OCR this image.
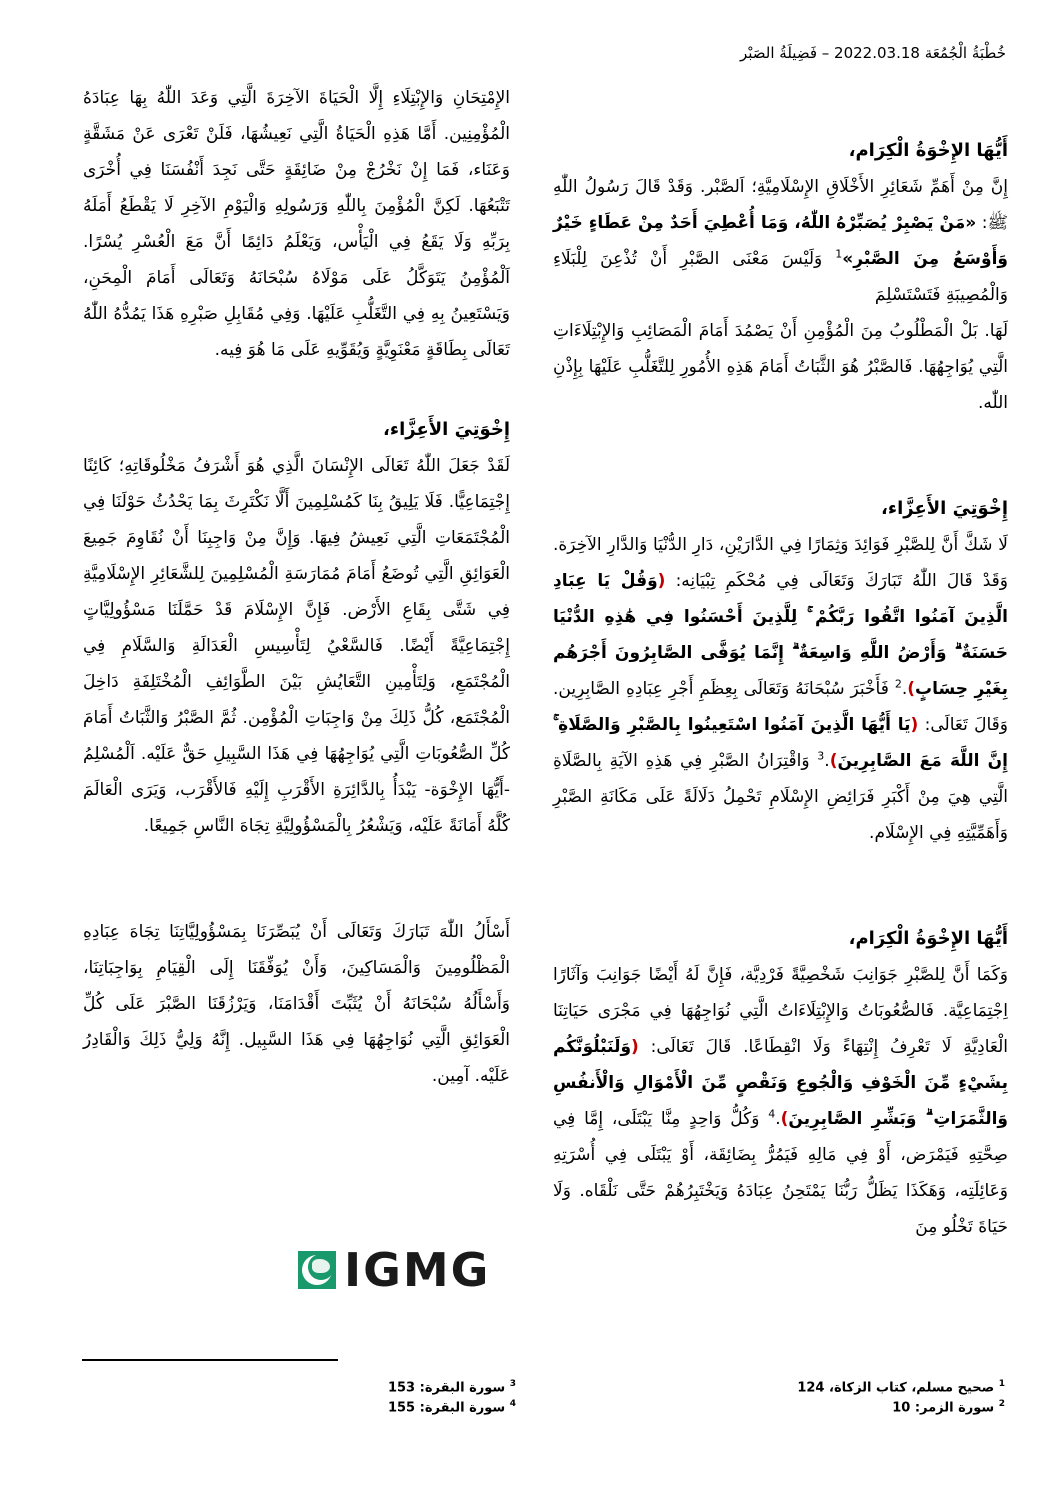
خُطْبَةُ الْجُمُعَة 2022.03.18 – فَضِيلَةُ الصَبْر

أَيُّهَا الإِخْوَةُ الْكِرَام،

إِنَّ مِنْ أَهَمِّ شَعَائِرِ الأَخْلَاقِ الإِسْلَامِيَّةِ؛ اَلصَّبْر. وَقَدْ قَالَ رَسُولُ اللّٰهِ ﷺ: «مَنْ يَصْبِرْ يُصَبِّرْهُ اللّٰهُ، وَمَا أُعْطِيَ أَحَدٌ مِنْ عَطَاءٍ خَيْرٌ وَأَوْسَعُ مِنَ الصَّبْرِ»$^1$ وَلَيْسَ مَعْنَى الصَّبْرِ أَنْ تُذْعِنَ لِلْبَلَاءِ وَالْمُصِيبَةِ فَتَسْتَسْلِمَ

لَهَا. بَلْ الْمَطْلُوبُ مِنَ الْمُؤْمِنِ أَنْ يَصْمُدَ أَمَامَ الْمَصَائِبِ وَالإِبْتِلَاءَاتِ الَّتِي يُوَاجِهُهَا. فَالصَّبْرُ هُوَ الثَّبَاتُ أَمَامَ هَذِهِ الأُمُورِ لِلتَّغَلُّبِ عَلَيْهَا بِإِذْنِ اللّٰه.

إِخْوَتِيَ الأَعِزَّاء،

لَا شَكَّ أَنَّ لِلصَّبْرِ فَوَائِدَ وَثِمَارًا فِي الدَّارَيْنِ، دَارِ الدُّنْيَا وَالدَّارِ الآخِرَة. وَقَدْ قَالَ اللّٰهُ تَبَارَكَ وَتَعَالَى فِي مُحْكَمِ تِبْيَانِه: (وَقُلْ يَا عِبَادِ الَّذِينَ آمَنُوا اتَّقُوا رَبَّكُمْ ۚ لِلَّذِينَ أَحْسَنُوا فِي هَٰذِهِ الدُّنْيَا حَسَنَةٌ ۗ وَأَرْضُ اللَّهِ وَاسِعَةٌ ۗ إِنَّمَا يُوَفَّى الصَّابِرُونَ أَجْرَهُم بِغَيْرِ حِسَابٍ).$^2$ فَأَخْبَرَ سُبْحَانَهُ وَتَعَالَى بِعِظَمِ أَجْرِ عِبَادِهِ الصَّابِرِين. وَقَالَ تَعَالَى: (يَا أَيُّهَا الَّذِينَ آمَنُوا اسْتَعِينُوا بِالصَّبْرِ وَالصَّلَاةِ ۚ إِنَّ اللَّهَ مَعَ الصَّابِرِينَ).$^3$ وَاقْتِرَانُ الصَّبْرِ فِي هَذِهِ الآيَةِ بِالصَّلَاةِ الَّتِي هِيَ مِنْ أَكْبَرِ فَرَائِضِ الإِسْلَامِ تَحْمِلُ دَلَالَةً عَلَى مَكَانَةِ الصَّبْرِ وَأَهَمِّيَّتِهِ فِي الإِسْلَام.

أَيُّهَا الإِخْوَةُ الْكِرَام،

وَكَمَا أَنَّ لِلصَّبْرِ جَوَانِبَ شَخْصِيَّةً فَرْدِيَّة، فَإِنَّ لَهُ أَيْضًا جَوَانِبَ وَآثَارًا اِجْتِمَاعِيَّة. فَالصُّعُوبَاتُ وَالإِبْتِلَاءَاتُ الَّتِي نُوَاجِهُهَا فِي مَجْرَى حَيَاتِنَا الْعَادِيَّةِ لَا تَعْرِفُ إِنْتِهَاءً وَلَا انْقِطَاعًا. قَالَ تَعَالَى: (وَلَنَبْلُوَنَّكُم بِشَيْءٍ مِّنَ الْخَوْفِ وَالْجُوعِ وَنَقْصٍ مِّنَ الْأَمْوَالِ وَالْأَنفُسِ وَالثَّمَرَاتِ ۗ وَبَشِّرِ الصَّابِرِينَ).$^4$ وَكُلُّ وَاحِدٍ مِنَّا يَبْتَلَى، إِمَّا فِي صِحَّتِهِ فَيَمْرَض، أَوْ فِي مَالِهِ فَيَمُرُّ بِضَائِقَة، أَوْ يَبْتَلَى فِي أُسْرَتِهِ وَعَائِلَتِه، وَهَكَذَا يَظَلُّ رَبُّنَا يَمْتَحِنُ عِبَادَهُ وَيَخْتَبِرُهُمْ حَتَّى نَلْقَاه. وَلَا حَيَاةَ تَخْلُو مِنَ

الإِمْتِحَانِ وَالإِبْتِلَاءِ إِلَّا الْحَيَاةَ الآخِرَةَ الَّتِي وَعَدَ اللّٰهُ بِهَا عِبَادَهُ الْمُؤْمِنِين. أَمَّا هَذِهِ الْحَيَاةُ الَّتِي نَعِيشُهَا، فَلَنْ تَعْرَى عَنْ مَشَقَّةٍ وَعَنَاء، فَمَا إِنْ نَخْرُجْ مِنْ ضَائِقَةٍ حَتَّى نَجِدَ أَنْفُسَنَا فِي أُخْرَى تَتْبَعُهَا. لَكِنَّ الْمُؤْمِنَ بِاللّٰهِ وَرَسُولِهِ وَالْيَوْمِ الآخِرِ لَا يَقْطَعُ أَمَلَهُ بِرَبِّهِ وَلَا يَقَعُ فِي الْيَأْس، وَيَعْلَمُ دَائِمًا أَنَّ مَعَ الْعُسْرِ يُسْرًا. اَلْمُؤْمِنُ يَتَوَكَّلُ عَلَى مَوْلَاهُ سُبْحَانَهُ وَتَعَالَى أَمَامَ الْمِحَنِ، وَيَسْتَعِينُ بِهِ فِي التَّغَلُّبِ عَلَيْهَا. وَفِي مُقَابِلِ صَبْرِهِ هَذَا يَمُدُّهُ اللّٰهُ تَعَالَى بِطَاقَةٍ مَعْنَوِيَّةٍ وَيُقَوِّيهِ عَلَى مَا هُوَ فِيه.

إِخْوَتِيَ الأَعِزَّاء،

لَقَدْ جَعَلَ اللّٰهُ تَعَالَى الإِنْسَانَ الَّذِي هُوَ أَشْرَفُ مَخْلُوقَاتِهِ؛ كَائِنًا إِجْتِمَاعِيًّا. فَلَا يَلِيقُ بِنَا كَمُسْلِمِينَ أَلَّا نَكْتَرِثَ بِمَا يَحْدُثُ حَوْلَنَا فِي الْمُجْتَمَعَاتِ الَّتِي نَعِيشُ فِيهَا. وَإِنَّ مِنْ وَاجِبِنَا أَنْ نُقَاوِمَ جَمِيعَ الْعَوَائِقِ الَّتِي تُوضَعُ أَمَامَ مُمَارَسَةِ الْمُسْلِمِينَ لِلشَّعَائِرِ الإِسْلَامِيَّةِ فِي شَتَّى بِقَاعِ الأَرْض. فَإِنَّ الإِسْلَامَ قَدْ حَمَّلَنَا مَسْؤُولِيَّاتٍ إِجْتِمَاعِيَّةً أَيْضًا. فَالسَّعْيُ لِتَأْسِيسِ الْعَدَالَةِ وَالسَّلَامِ فِي الْمُجْتَمَعِ، وَلِتَأْمِينِ التَّعَايُشِ بَيْنَ الطَّوَائِفِ الْمُخْتَلِفَةِ دَاخِلَ الْمُجْتَمَع، كُلُّ ذَلِكَ مِنْ وَاجِبَاتِ الْمُؤْمِن. ثُمَّ الصَّبْرُ وَالثَّبَاتُ أَمَامَ كُلِّ الصُّعُوبَاتِ الَّتِي يُوَاجِهُهَا فِي هَذَا السَّبِيلِ حَقٌّ عَلَيْه. اَلْمُسْلِمُ -أَيُّهَا الإِخْوَة- يَبْدَأُ بِالدَّائِرَةِ الأَقْرَبِ إِلَيْهِ فَالأَقْرَب، وَيَرَى الْعَالَمَ كُلَّهُ أَمَانَةً عَلَيْه، وَيَشْعُرُ بِالْمَسْؤُولِيَّةِ تِجَاهَ النَّاسِ جَمِيعًا.

أَسْأَلُ اللّٰهَ تَبَارَكَ وَتَعَالَى أَنْ يُبَصِّرَنَا بِمَسْؤُولِيَّاتِنَا تِجَاهَ عِبَادِهِ الْمَظْلُومِينَ وَالْمَسَاكِينَ، وَأَنْ يُوَفِّقَنَا إِلَى الْقِيَامِ بِوَاجِبَاتِنَا، وَأَسْأَلُهُ سُبْحَانَهُ أَنْ يُثَبِّتَ أَقْدَامَنَا، وَيَرْزُقَنَا الصَّبْرَ عَلَى كُلِّ الْعَوَائِقِ الَّتِي نُوَاجِهُهَا فِي هَذَا السَّبِيل. إِنَّهُ وَلِيُّ ذَلِكَ وَالْقَادِرُ عَلَيْه. آمِين.

IGMG
$^1$ صحيح مسلم، كتاب الزكاة، 124
$^2$ سورة الزمر: 10
$^3$ سورة البقرة: 153
$^4$ سورة البقرة: 155
